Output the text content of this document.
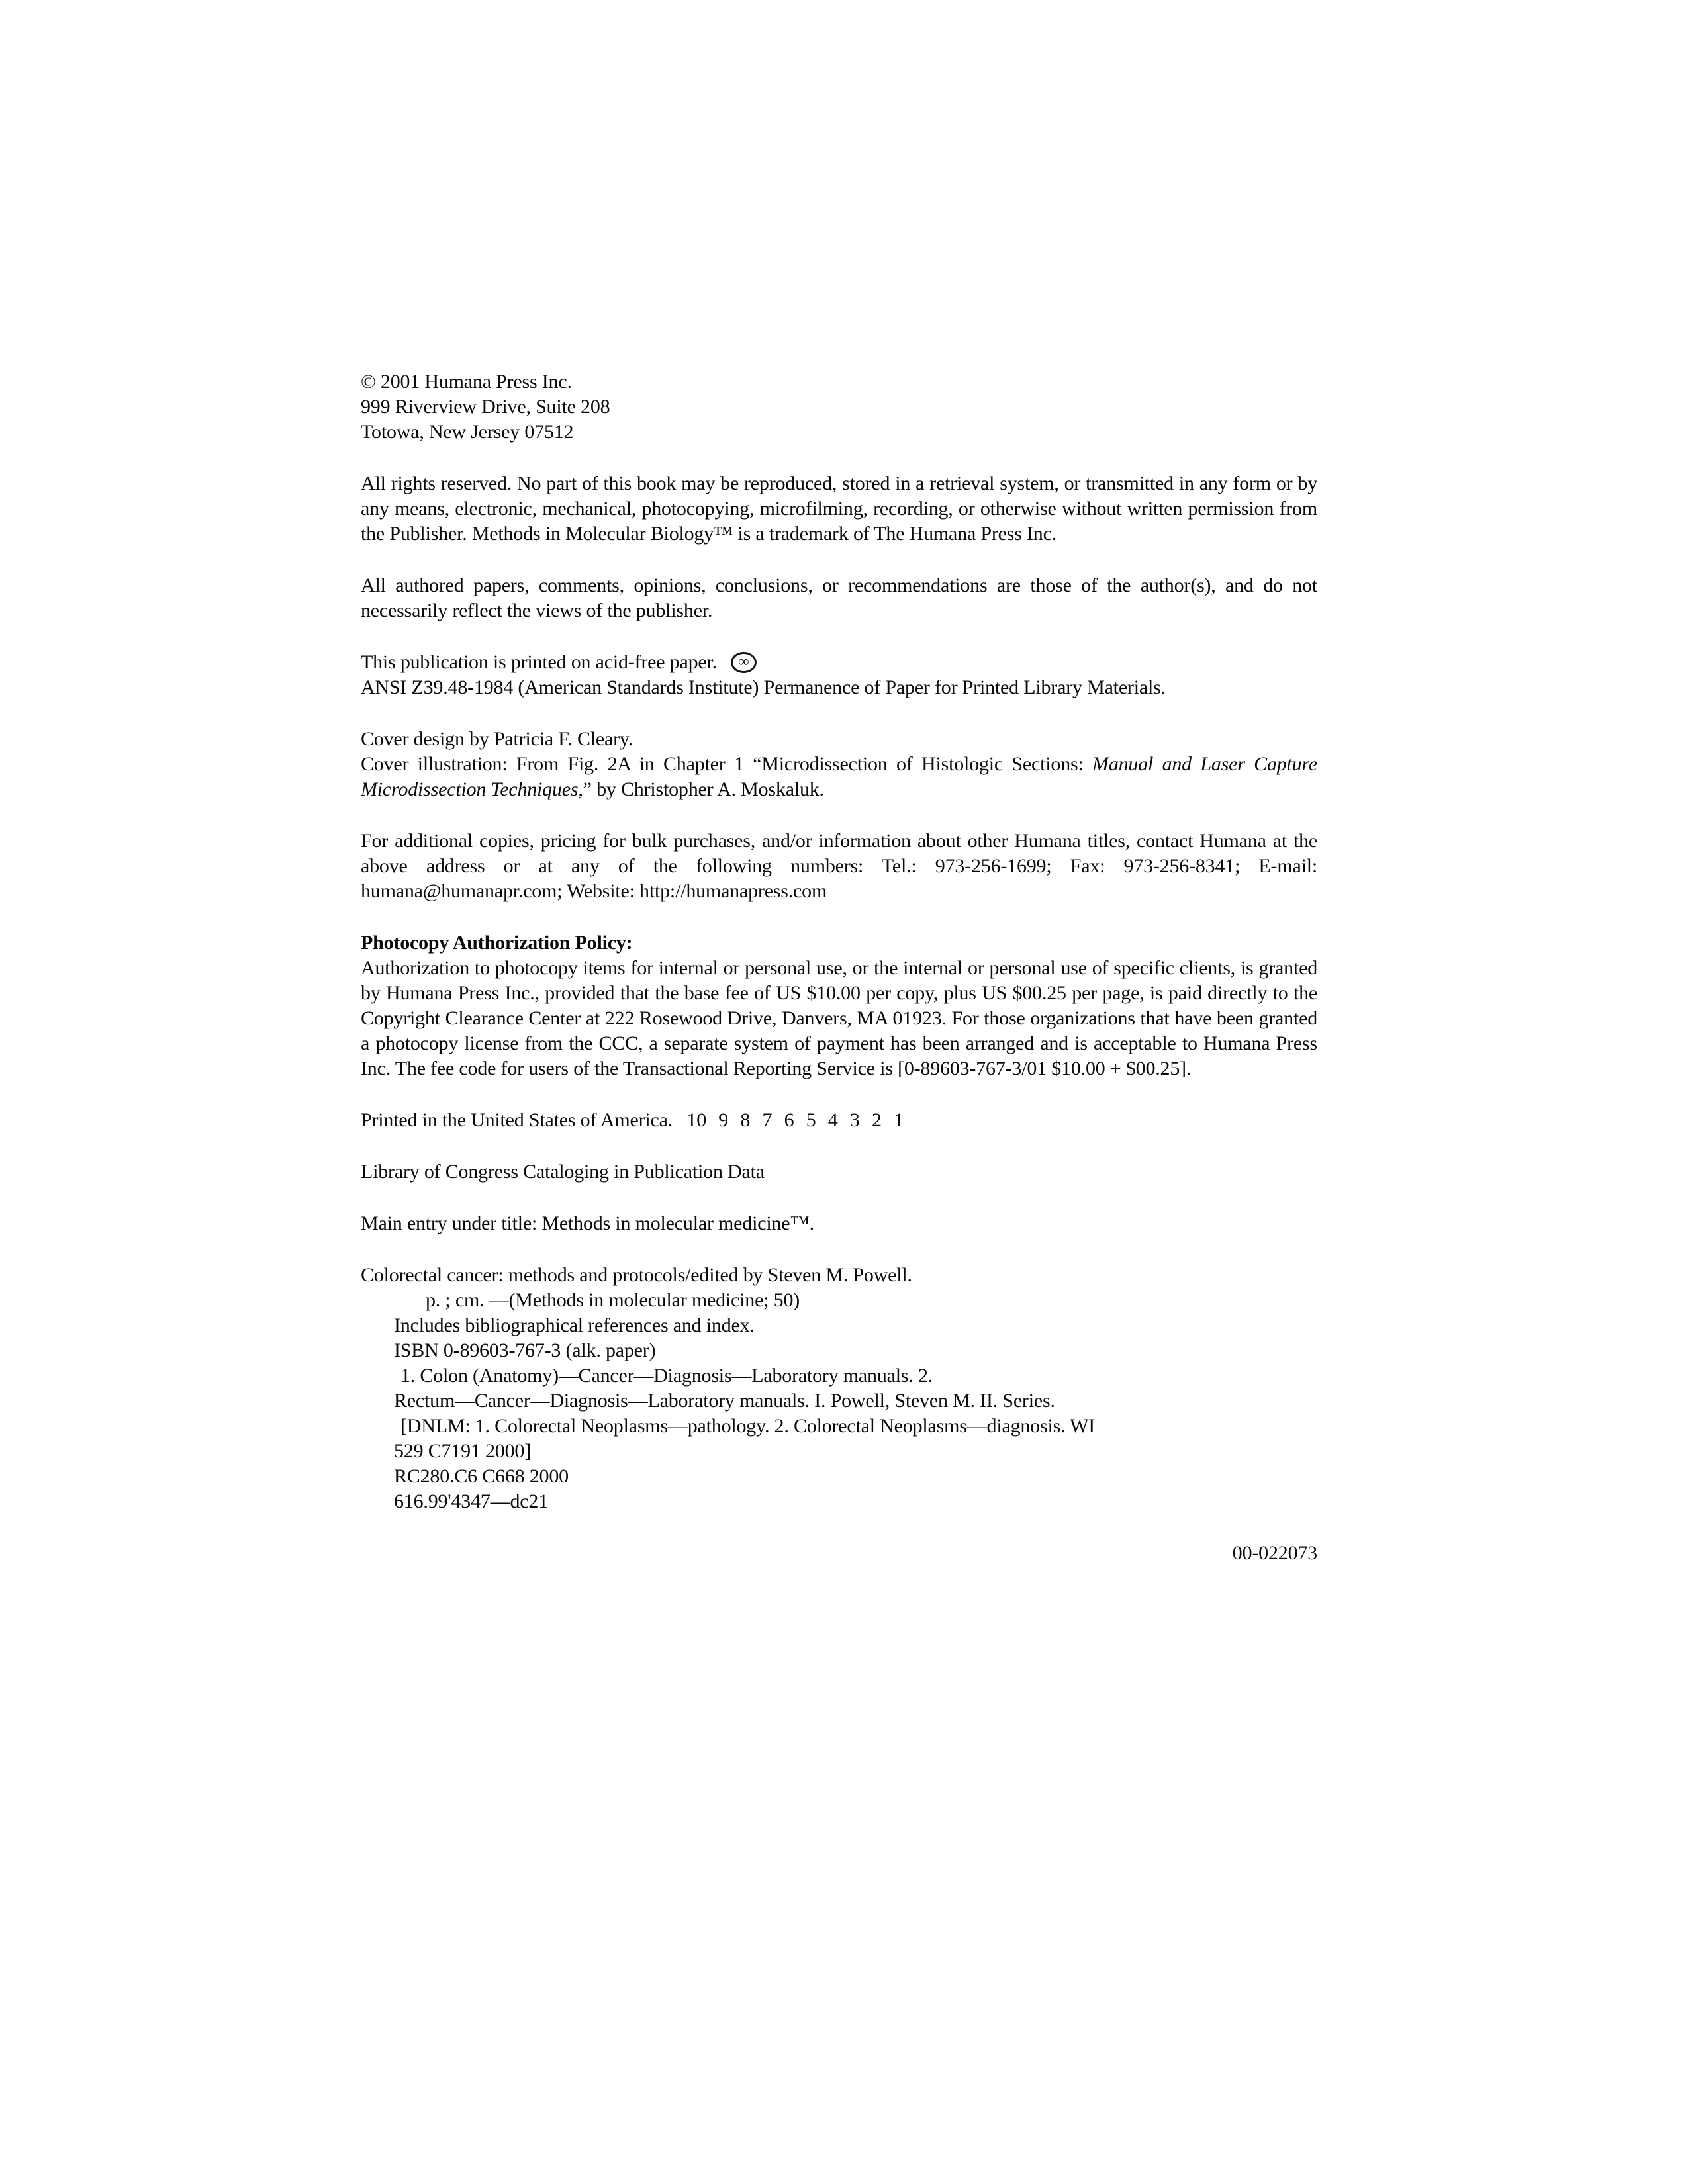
© 2001 Humana Press Inc.
999 Riverview Drive, Suite 208
Totowa, New Jersey 07512

All rights reserved. No part of this book may be reproduced, stored in a retrieval system, or transmitted in any form or by any means, electronic, mechanical, photocopying, microfilming, recording, or otherwise without written permission from the Publisher. Methods in Molecular Biology™ is a trademark of The Humana Press Inc.

All authored papers, comments, opinions, conclusions, or recommendations are those of the author(s), and do not necessarily reflect the views of the publisher.

This publication is printed on acid-free paper. ∞
ANSI Z39.48-1984 (American Standards Institute) Permanence of Paper for Printed Library Materials.
Cover design by Patricia F. Cleary.
Cover illustration: From Fig. 2A in Chapter 1 “Microdissection of Histologic Sections: Manual and Laser Capture Microdissection Techniques,” by Christopher A. Moskaluk.

For additional copies, pricing for bulk purchases, and/or information about other Humana titles, contact Humana at the above address or at any of the following numbers: Tel.: 973-256-1699; Fax: 973-256-8341; E-mail: humana@humanapr.com; Website: http://humanapress.com

Photocopy Authorization Policy:
Authorization to photocopy items for internal or personal use, or the internal or personal use of specific clients, is granted by Humana Press Inc., provided that the base fee of US $10.00 per copy, plus US $00.25 per page, is paid directly to the Copyright Clearance Center at 222 Rosewood Drive, Danvers, MA 01923. For those organizations that have been granted a photocopy license from the CCC, a separate system of payment has been arranged and is acceptable to Humana Press Inc. The fee code for users of the Transactional Reporting Service is [0-89603-767-3/01 $10.00 + $00.25].
Printed in the United States of America. 10 9 8 7 6 5 4 3 2 1

Library of Congress Cataloging in Publication Data

Main entry under title: Methods in molecular medicine™.

Colorectal cancer: methods and protocols/edited by Steven M. Powell.
p. ; cm. —(Methods in molecular medicine; 50)
Includes bibliographical references and index.
ISBN 0-89603-767-3 (alk. paper)
1. Colon (Anatomy)—Cancer—Diagnosis—Laboratory manuals. 2.
Rectum—Cancer—Diagnosis—Laboratory manuals. I. Powell, Steven M. II. Series.
[DNLM: 1. Colorectal Neoplasms—pathology. 2. Colorectal Neoplasms—diagnosis. WI
529 C7191 2000]
RC280.C6 C668 2000
616.99'4347—dc21
00-022073
